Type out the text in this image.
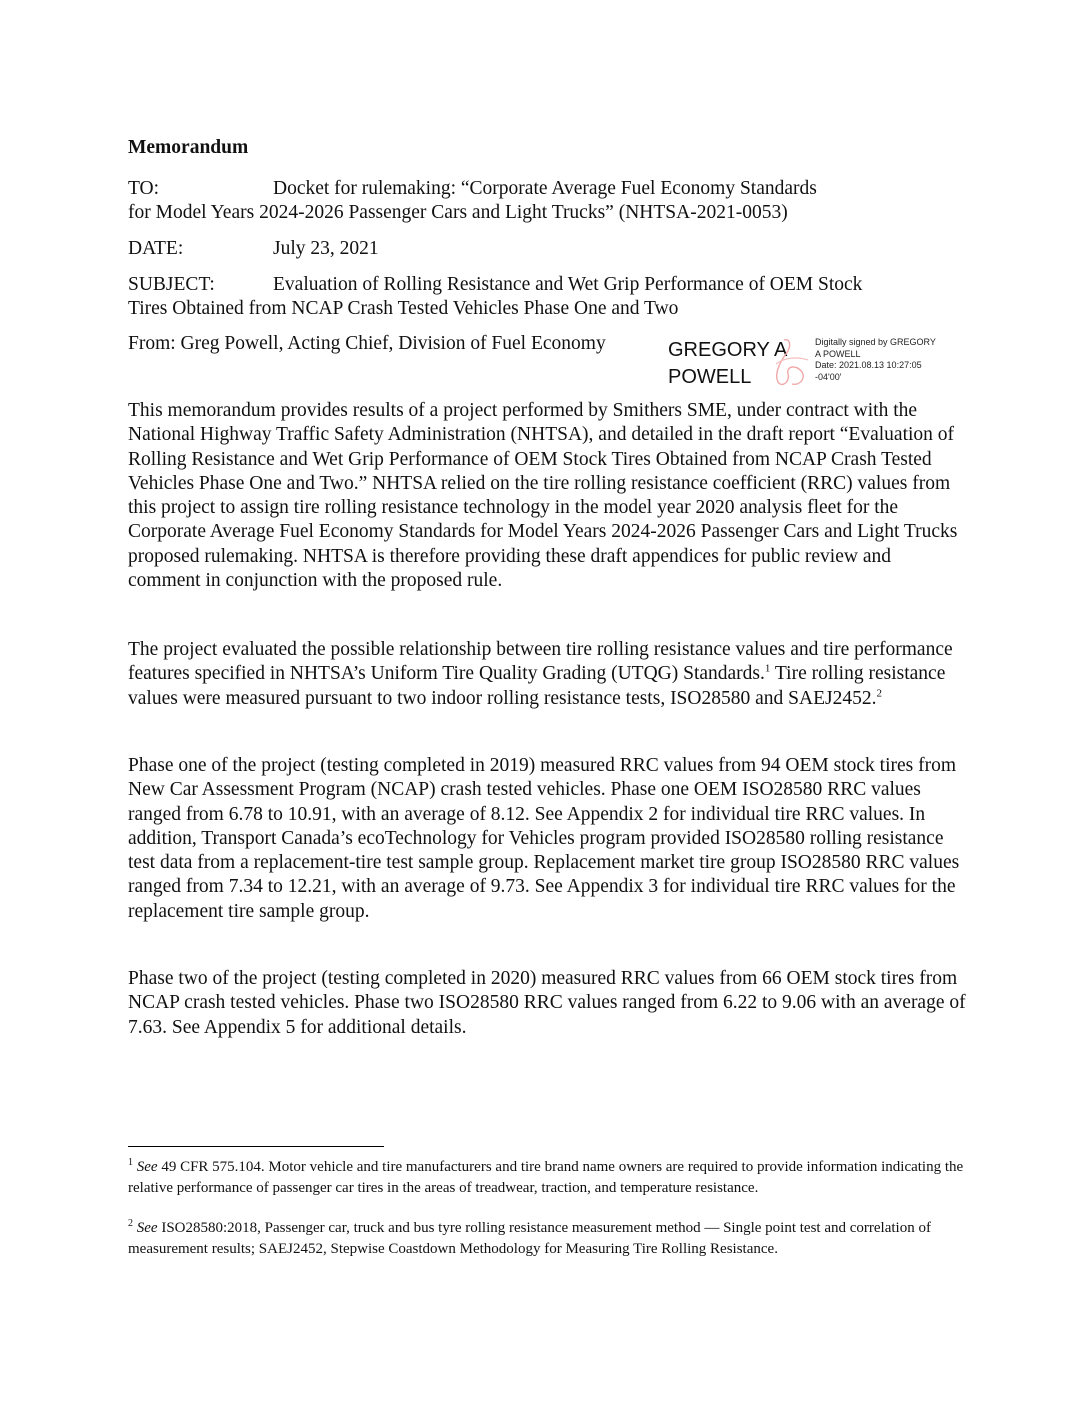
Memorandum
TO:	Docket for rulemaking: “Corporate Average Fuel Economy Standards
for Model Years 2024-2026 Passenger Cars and Light Trucks” (NHTSA-2021-0053)
DATE:	July 23, 2021
SUBJECT:	Evaluation of Rolling Resistance and Wet Grip Performance of OEM Stock
Tires Obtained from NCAP Crash Tested Vehicles Phase One and Two
From: Greg Powell, Acting Chief, Division of Fuel Economy	GREGORY A
POWELL
Digitally signed by GREGORY
A POWELL
Date: 2021.08.13 10:27:05
-04'00'

This memorandum provides results of a project performed by Smithers SME, under contract with the National Highway Traffic Safety Administration (NHTSA), and detailed in the draft report “Evaluation of Rolling Resistance and Wet Grip Performance of OEM Stock Tires Obtained from NCAP Crash Tested Vehicles Phase One and Two.” NHTSA relied on the tire rolling resistance coefficient (RRC) values from this project to assign tire rolling resistance technology in the model year 2020 analysis fleet for the Corporate Average Fuel Economy Standards for Model Years 2024-2026 Passenger Cars and Light Trucks proposed rulemaking. NHTSA is therefore providing these draft appendices for public review and comment in conjunction with the proposed rule.

The project evaluated the possible relationship between tire rolling resistance values and tire performance features specified in NHTSA’s Uniform Tire Quality Grading (UTQG) Standards.$^1$ Tire rolling resistance values were measured pursuant to two indoor rolling resistance tests, ISO28580 and SAEJ2452.$^2$

Phase one of the project (testing completed in 2019) measured RRC values from 94 OEM stock tires from New Car Assessment Program (NCAP) crash tested vehicles. Phase one OEM ISO28580 RRC values ranged from 6.78 to 10.91, with an average of 8.12. See Appendix 2 for individual tire RRC values. In addition, Transport Canada’s ecoTechnology for Vehicles program provided ISO28580 rolling resistance test data from a replacement-tire test sample group. Replacement market tire group ISO28580 RRC values ranged from 7.34 to 12.21, with an average of 9.73. See Appendix 3 for individual tire RRC values for the replacement tire sample group.

Phase two of the project (testing completed in 2020) measured RRC values from 66 OEM stock tires from NCAP crash tested vehicles. Phase two ISO28580 RRC values ranged from 6.22 to 9.06 with an average of 7.63. See Appendix 5 for additional details.

$^1$ See 49 CFR 575.104. Motor vehicle and tire manufacturers and tire brand name owners are required to provide information indicating the relative performance of passenger car tires in the areas of treadwear, traction, and temperature resistance.
$^2$ See ISO28580:2018, Passenger car, truck and bus tyre rolling resistance measurement method — Single point test and correlation of measurement results; SAEJ2452, Stepwise Coastdown Methodology for Measuring Tire Rolling Resistance.
